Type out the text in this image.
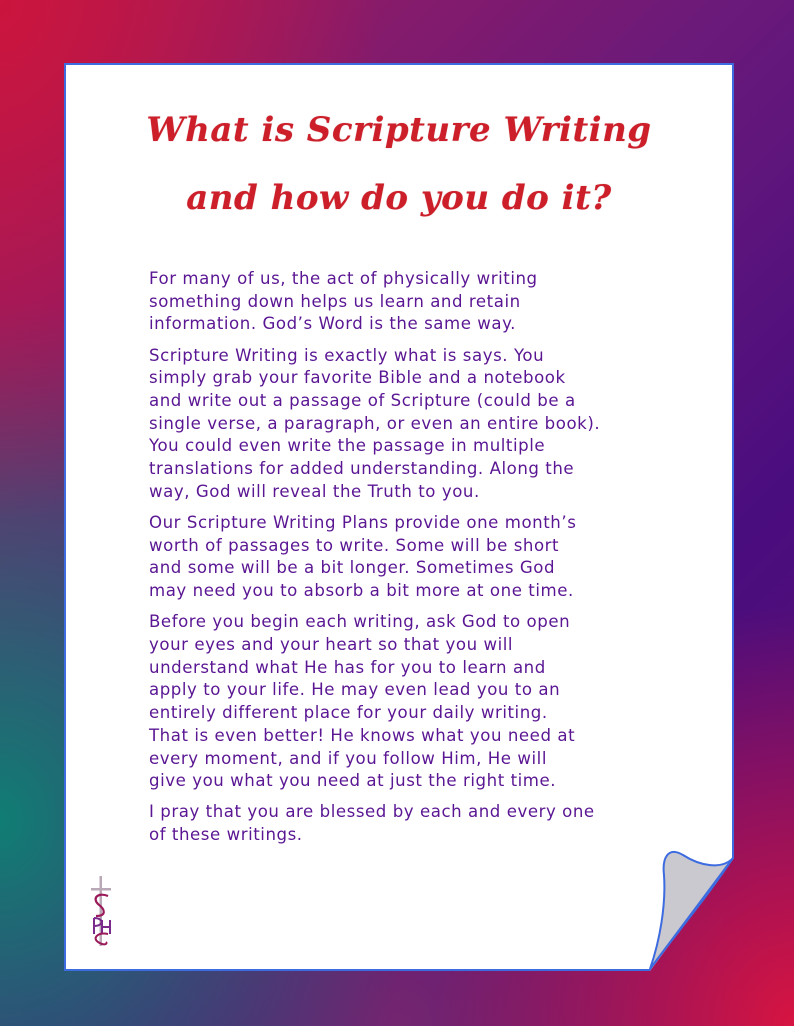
What is Scripture Writing
and how do you do it?

For many of us, the act of physically writing
something down helps us learn and retain
information. God’s Word is the same way.

Scripture Writing is exactly what is says. You
simply grab your favorite Bible and a notebook
and write out a passage of Scripture (could be a
single verse, a paragraph, or even an entire book).
You could even write the passage in multiple
translations for added understanding. Along the
way, God will reveal the Truth to you.

Our Scripture Writing Plans provide one month’s
worth of passages to write. Some will be short
and some will be a bit longer. Sometimes God
may need you to absorb a bit more at one time.

Before you begin each writing, ask God to open
your eyes and your heart so that you will
understand what He has for you to learn and
apply to your life. He may even lead you to an
entirely different place for your daily writing.
That is even better! He knows what you need at
every moment, and if you follow Him, He will
give you what you need at just the right time.

I pray that you are blessed by each and every one
of these writings.
